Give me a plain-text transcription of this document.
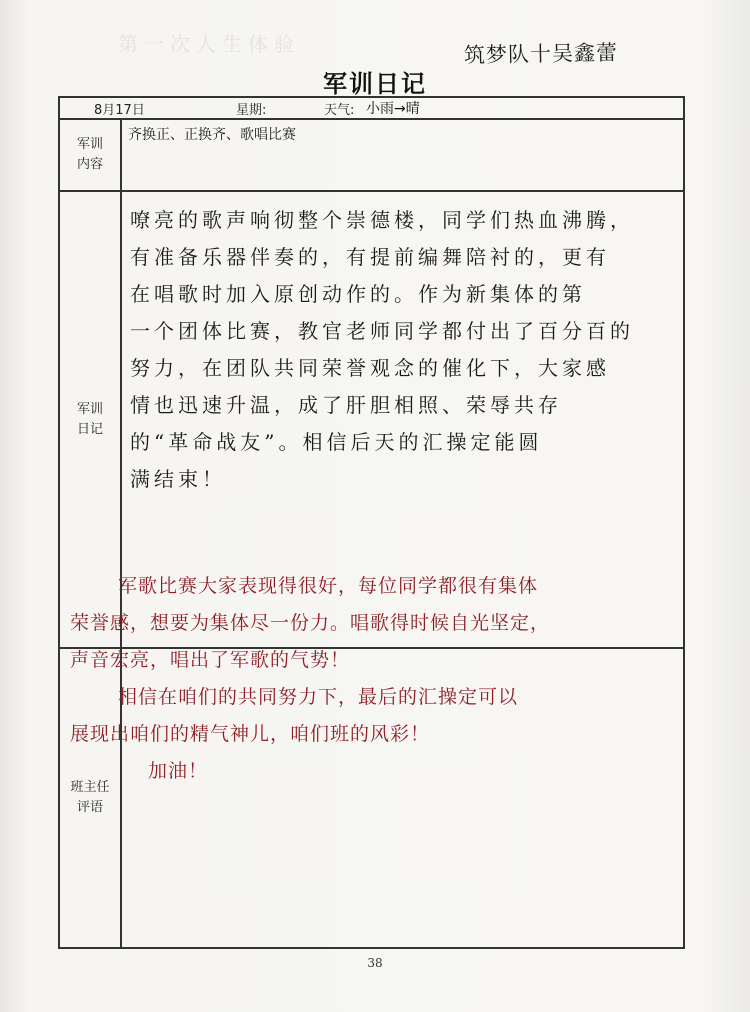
第一次人生体验	筑梦队十吴鑫蕾
军训日记
8月17日	星期:	天气: 小雨→晴
军训内容
齐换正、正换齐、歌唱比赛
军训日记
嘹亮的歌声响彻整个崇德楼，同学们热血沸腾，
有准备乐器伴奏的，有提前编舞陪衬的，更有
在唱歌时加入原创动作的。作为新集体的第
一个团体比赛，教官老师同学都付出了百分百的
努力，在团队共同荣誉观念的催化下，大家感
情也迅速升温，成了肝胆相照、荣辱共存
的“革命战友”。相信后天的汇操定能圆
满结束！
班主任评语
军歌比赛大家表现得很好，每位同学都很有集体
荣誉感，想要为集体尽一份力。唱歌得时候自光坚定，
声音宏亮，唱出了军歌的气势！
相信在咱们的共同努力下，最后的汇操定可以
展现出咱们的精气神儿，咱们班的风彩！
加油！
38
